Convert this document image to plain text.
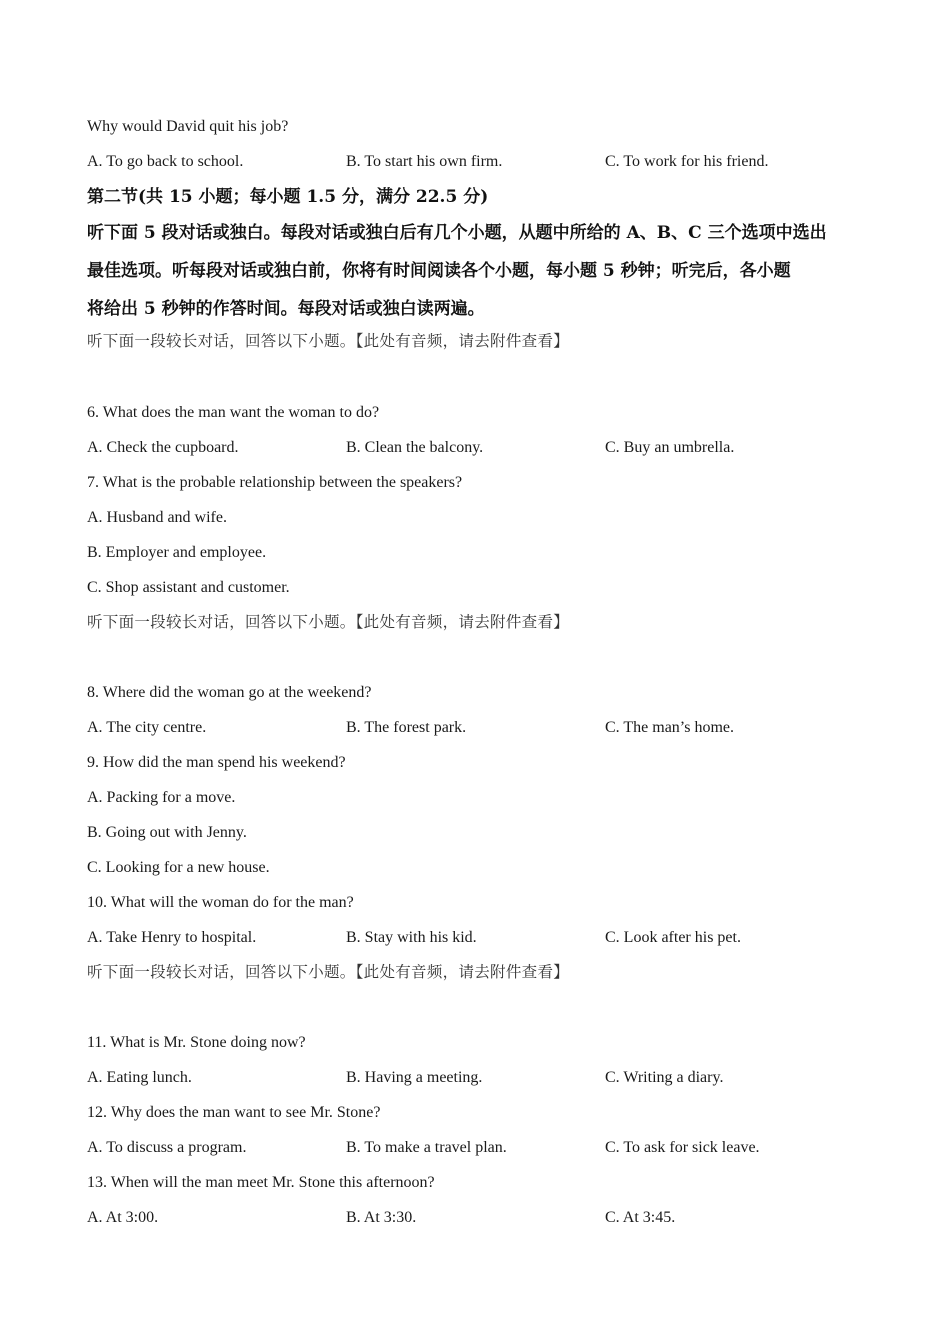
Why would David quit his job?

A. To go back to school.	B. To start his own firm.	C. To work for his friend.

第二节(共 15 小题；每小题 1.5 分，满分 22.5 分)

听下面 5 段对话或独白。每段对话或独白后有几个小题，从题中所给的 A、B、C 三个选项中选出

最佳选项。听每段对话或独白前，你将有时间阅读各个小题，每小题 5 秒钟；听完后，各小题

将给出 5 秒钟的作答时间。每段对话或独白读两遍。

听下面一段较长对话，回答以下小题。【此处有音频，请去附件查看】

6. What does the man want the woman to do?

A. Check the cupboard.	B. Clean the balcony.	C. Buy an umbrella.

7. What is the probable relationship between the speakers?

A. Husband and wife.

B. Employer and employee.

C. Shop assistant and customer.

听下面一段较长对话，回答以下小题。【此处有音频，请去附件查看】

8. Where did the woman go at the weekend?

A. The city centre.	B. The forest park.	C. The man’s home.

9. How did the man spend his weekend?

A. Packing for a move.

B. Going out with Jenny.

C. Looking for a new house.

10. What will the woman do for the man?

A. Take Henry to hospital.	B. Stay with his kid.	C. Look after his pet.

听下面一段较长对话，回答以下小题。【此处有音频，请去附件查看】

11. What is Mr. Stone doing now?

A. Eating lunch.	B. Having a meeting.	C. Writing a diary.

12. Why does the man want to see Mr. Stone?

A. To discuss a program.	B. To make a travel plan.	C. To ask for sick leave.

13. When will the man meet Mr. Stone this afternoon?

A. At 3:00.	B. At 3:30.	C. At 3:45.
